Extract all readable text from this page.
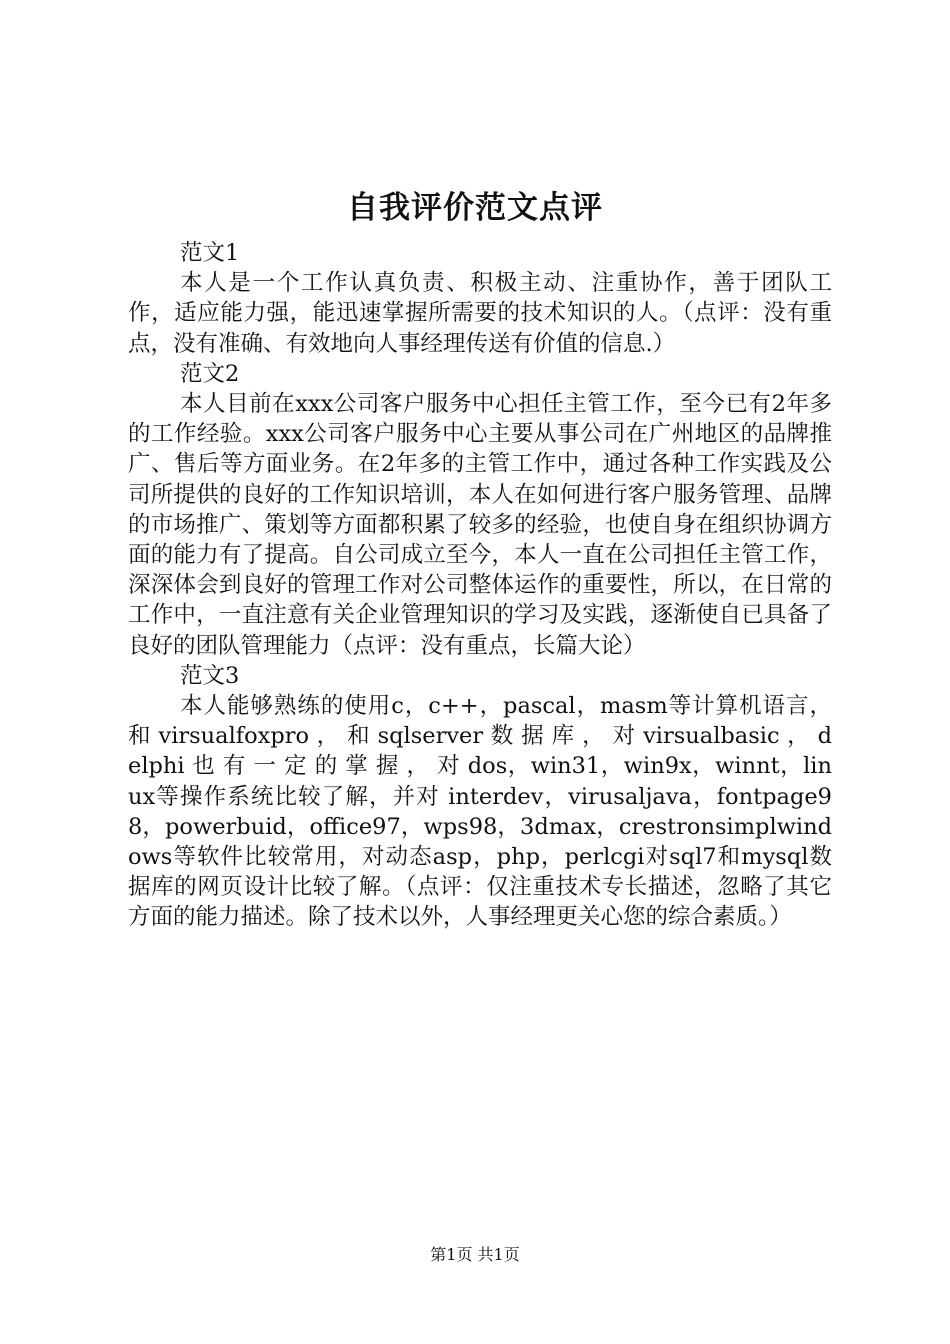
自我评价范文点评

范文1

本人是一个工作认真负责、积极主动、注重协作，善于团队工作，适应能力强，能迅速掌握所需要的技术知识的人。（点评：没有重点，没有准确、有效地向人事经理传送有价值的信息.）

范文2

本人目前在xxx公司客户服务中心担任主管工作，至今已有2年多的工作经验。xxx公司客户服务中心主要从事公司在广州地区的品牌推广、售后等方面业务。在2年多的主管工作中，通过各种工作实践及公司所提供的良好的工作知识培训，本人在如何进行客户服务管理、品牌的市场推广、策划等方面都积累了较多的经验，也使自身在组织协调方面的能力有了提高。自公司成立至今，本人一直在公司担任主管工作，深深体会到良好的管理工作对公司整体运作的重要性，所以，在日常的工作中，一直注意有关企业管理知识的学习及实践，逐渐使自已具备了良好的团队管理能力（点评：没有重点，长篇大论）

范文3

本人能够熟练的使用c，c++，pascal，masm等计算机语言，和 virsualfoxpro ， 和 sqlserver 数 据 库 ， 对 virsualbasic ， delphi 也 有 一 定 的 掌 握 ， 对 dos，win31，win9x，winnt，linux等操作系统比较了解，并对 interdev，virusaljava，fontpage98，powerbuid，office97，wps98，3dmax，crestronsimplwindows等软件比较常用，对动态asp，php，perlcgi对sql7和mysql数据库的网页设计比较了解。（点评：仅注重技术专长描述，忽略了其它方面的能力描述。除了技术以外，人事经理更关心您的综合素质。）

第1页 共1页
